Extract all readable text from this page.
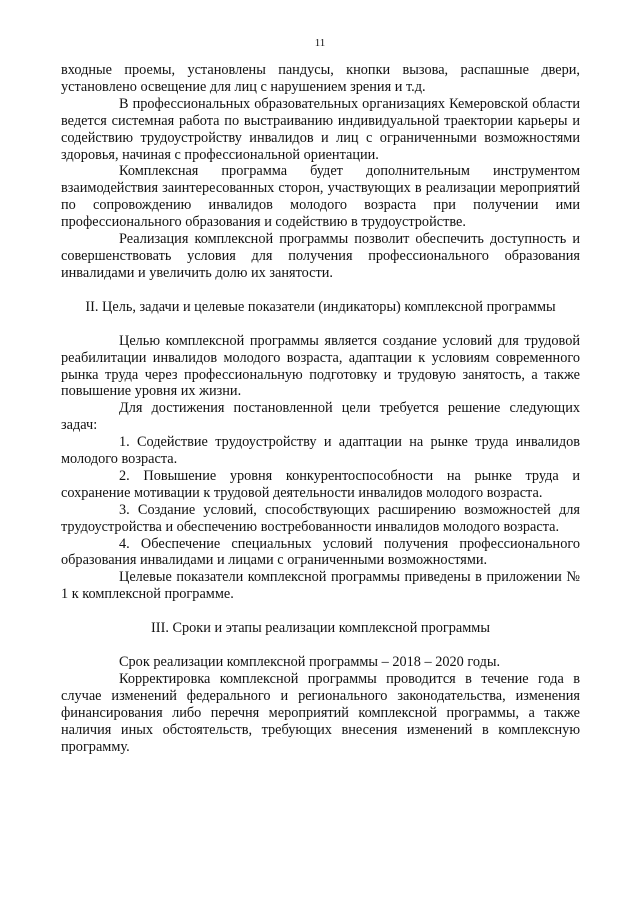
11

входные проемы, установлены пандусы, кнопки вызова, распашные двери, установлено освещение для лиц с нарушением зрения и т.д.

В профессиональных образовательных организациях Кемеровской области ведется системная работа по выстраиванию индивидуальной траектории карьеры и содействию трудоустройству инвалидов и лиц с ограниченными возможностями здоровья, начиная с профессиональной ориентации.

Комплексная программа будет дополнительным инструментом взаимодействия заинтересованных сторон, участвующих в реализации мероприятий по сопровождению инвалидов молодого возраста при получении ими профессионального образования и содействию в трудоустройстве.

Реализация комплексной программы позволит обеспечить доступность и совершенствовать условия для получения профессионального образования инвалидами и увеличить долю их занятости.

II. Цель, задачи и целевые показатели (индикаторы) комплексной программы

Целью комплексной программы является создание условий для трудовой реабилитации инвалидов молодого возраста, адаптации к условиям современного рынка труда через профессиональную подготовку и трудовую занятость, а также повышение уровня их жизни.

Для достижения постановленной цели требуется решение следующих задач:

1. Содействие трудоустройству и адаптации на рынке труда инвалидов молодого возраста.

2. Повышение уровня конкурентоспособности на рынке труда и сохранение мотивации к трудовой деятельности инвалидов молодого возраста.

3. Создание условий, способствующих расширению возможностей для трудоустройства и обеспечению востребованности инвалидов молодого возраста.

4. Обеспечение специальных условий получения профессионального образования инвалидами и лицами с ограниченными возможностями.

Целевые показатели комплексной программы приведены в приложении № 1 к комплексной программе.

III. Сроки и этапы реализации комплексной программы

Срок реализации комплексной программы – 2018 – 2020 годы.

Корректировка комплексной программы проводится в течение года в случае изменений федерального и регионального законодательства, изменения финансирования либо перечня мероприятий комплексной программы, а также наличия иных обстоятельств, требующих внесения изменений в комплексную программу.
